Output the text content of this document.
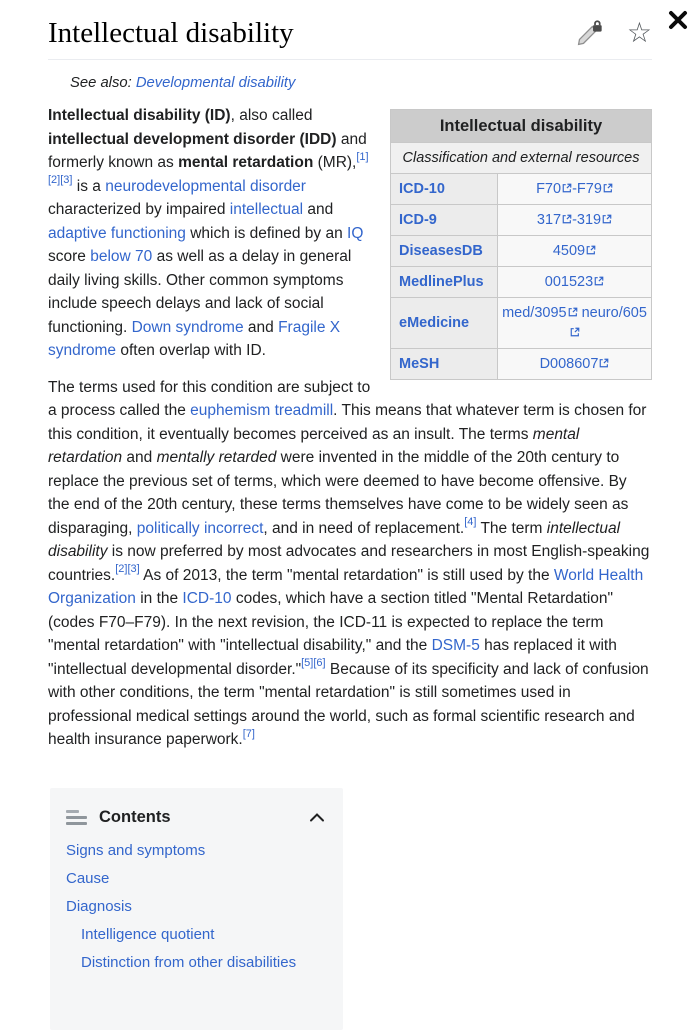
Intellectual disability	☆
See also: Developmental disability
Intellectual disability	
Classification and external resources	
ICD-10	F70 -F79
ICD-9	317 -319
DiseasesDB	4509
MedlinePlus	001523
eMedicine	med/3095 neuro/605
MeSH	D008607

Intellectual disability (ID), also called intellectual development disorder (IDD) and formerly known as mental retardation (MR),[1][2][3] is a neurodevelopmental disorder characterized by impaired intellectual and adaptive functioning which is defined by an IQ score below 70 as well as a delay in general daily living skills. Other common symptoms include speech delays and lack of social functioning. Down syndrome and Fragile X syndrome often overlap with ID.

The terms used for this condition are subject to a process called the euphemism treadmill. This means that whatever term is chosen for this condition, it eventually becomes perceived as an insult. The terms mental retardation and mentally retarded were invented in the middle of the 20th century to replace the previous set of terms, which were deemed to have become offensive. By the end of the 20th century, these terms themselves have come to be widely seen as disparaging, politically incorrect, and in need of replacement.[4] The term intellectual disability is now preferred by most advocates and researchers in most English-speaking countries.[2][3] As of 2013, the term "mental retardation" is still used by the World Health Organization in the ICD-10 codes, which have a section titled "Mental Retardation" (codes F70–F79). In the next revision, the ICD-11 is expected to replace the term "mental retardation" with "intellectual disability," and the DSM-5 has replaced it with "intellectual developmental disorder."[5][6] Because of its specificity and lack of confusion with other conditions, the term "mental retardation" is still sometimes used in professional medical settings around the world, such as formal scientific research and health insurance paperwork.[7]

Contents
Signs and symptoms
Cause
Diagnosis
Intelligence quotient
Distinction from other disabilities
